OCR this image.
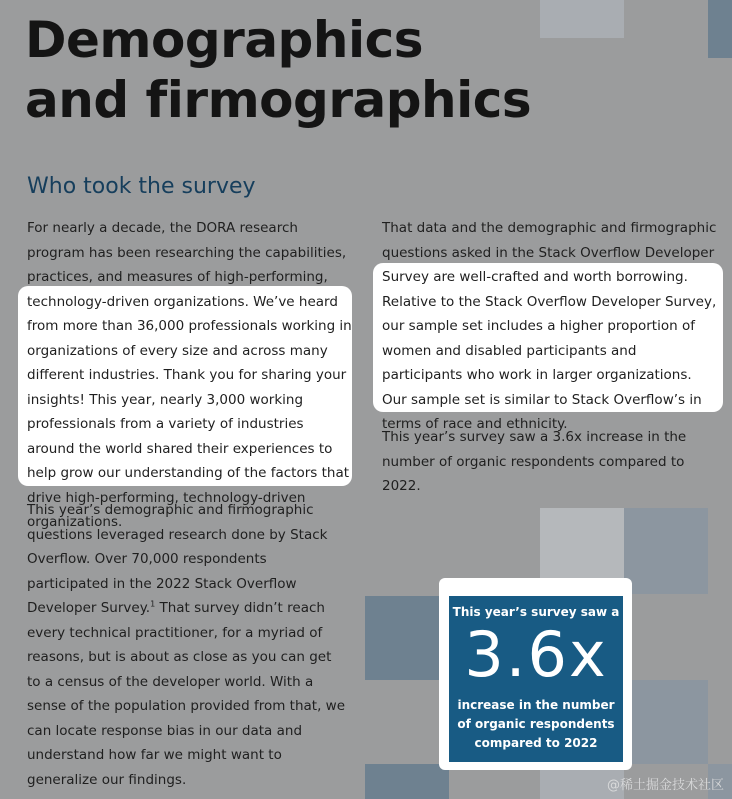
Demographics
and firmographics
Who took the survey

For nearly a decade, the DORA research program has been researching the capabilities, practices, and measures of high-performing, technology-driven organizations. We’ve heard from more than 36,000 professionals working in organizations of every size and across many different industries. Thank you for sharing your insights! This year, nearly 3,000 working professionals from a variety of industries around the world shared their experiences to help grow our understanding of the factors that drive high-performing, technology-driven organizations.

This year’s demographic and firmographic questions leveraged research done by Stack Overflow. Over 70,000 respondents participated in the 2022 Stack Overflow Developer Survey.$^1$ That survey didn’t reach every technical practitioner, for a myriad of reasons, but is about as close as you can get to a census of the developer world. With a sense of the population provided from that, we can locate response bias in our data and understand how far we might want to generalize our findings.

That data and the demographic and firmographic questions asked in the Stack Overflow Developer Survey are well-crafted and worth borrowing. Relative to the Stack Overflow Developer Survey, our sample set includes a higher proportion of women and disabled participants and participants who work in larger organizations. Our sample set is similar to Stack Overflow’s in terms of race and ethnicity.

This year’s survey saw a 3.6x increase in the number of organic respondents compared to 2022.

This year’s survey saw a
3.6x
increase in the number of organic respondents compared to 2022
@稀土掘金技术社区
